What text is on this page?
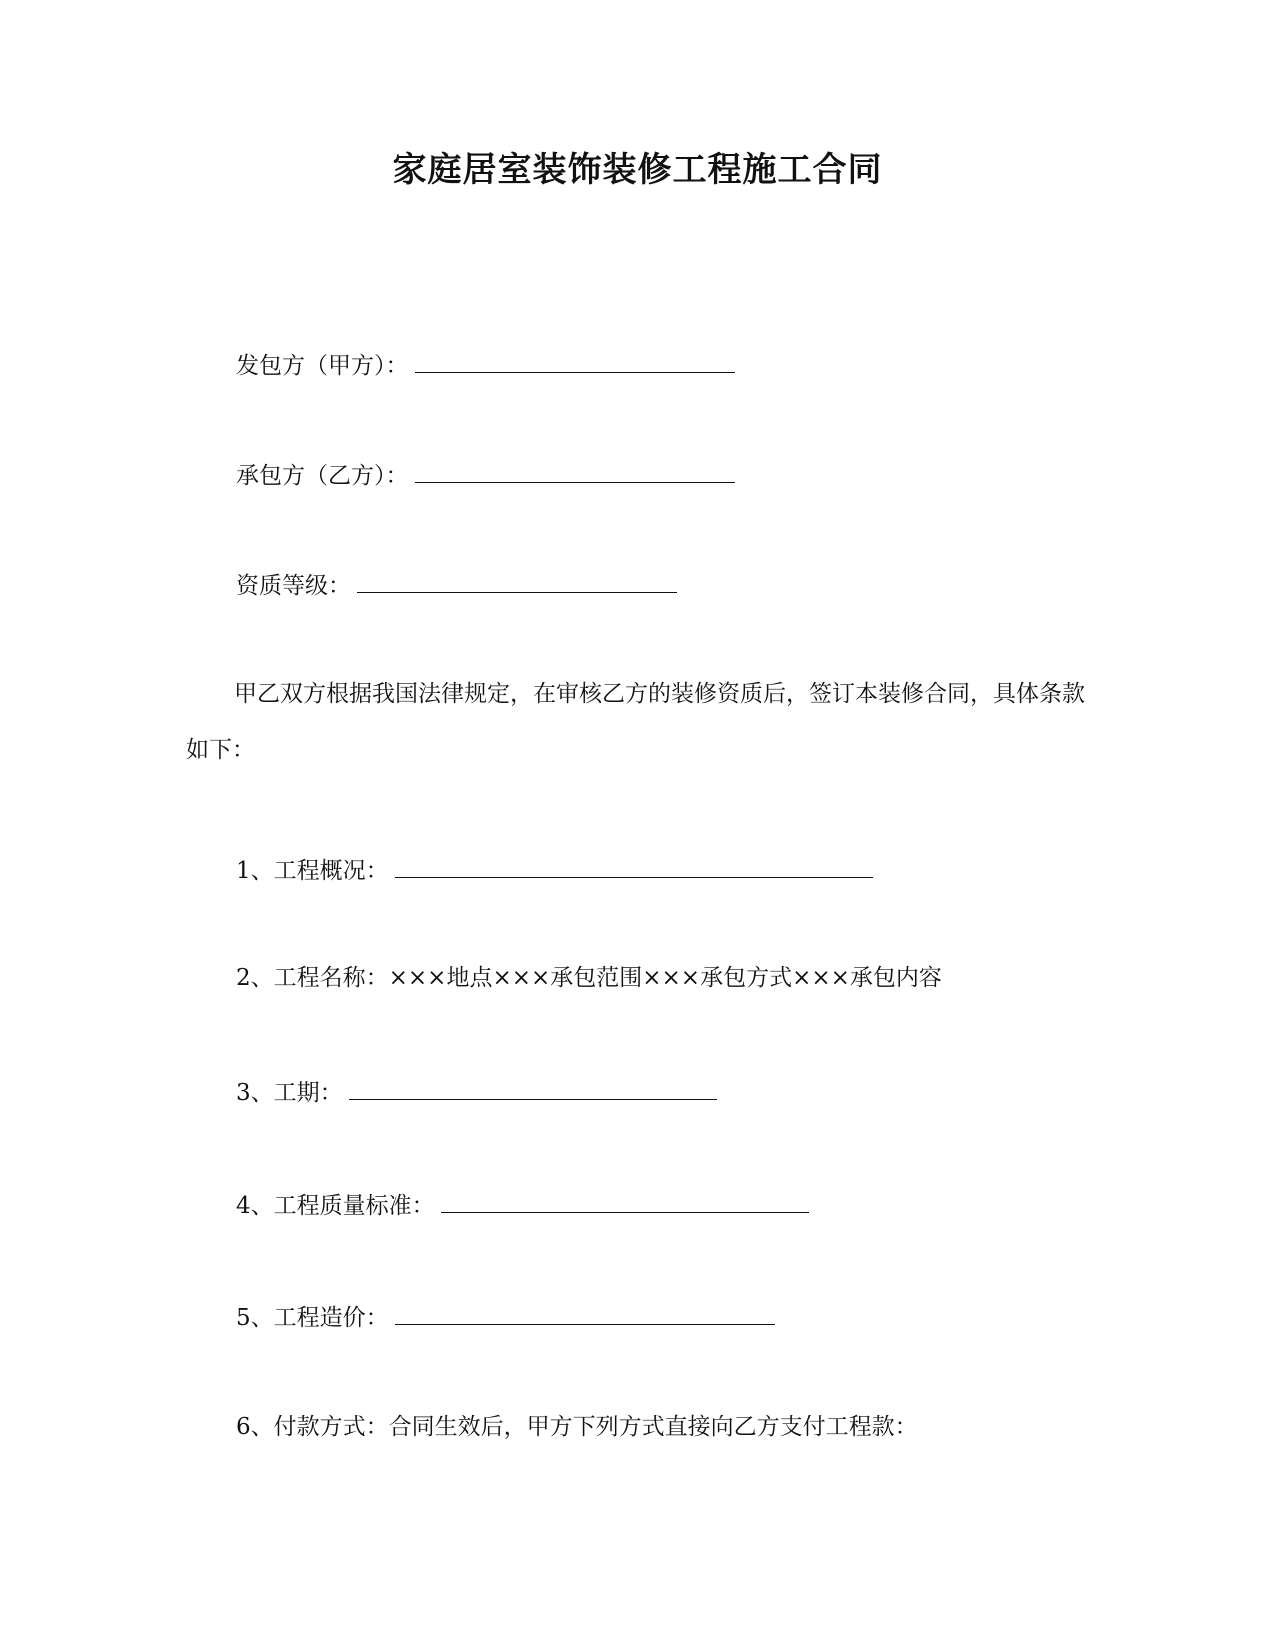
家庭居室装饰装修工程施工合同
发包方（甲方）：
承包方（乙方）：
资质等级：
甲乙双方根据我国法律规定，在审核乙方的装修资质后，签订本装修合同，具体条款如下：
1、工程概况：
2、工程名称：×××地点×××承包范围×××承包方式×××承包内容
3、工期：
4、工程质量标准：
5、工程造价：
6、付款方式：合同生效后，甲方下列方式直接向乙方支付工程款：
